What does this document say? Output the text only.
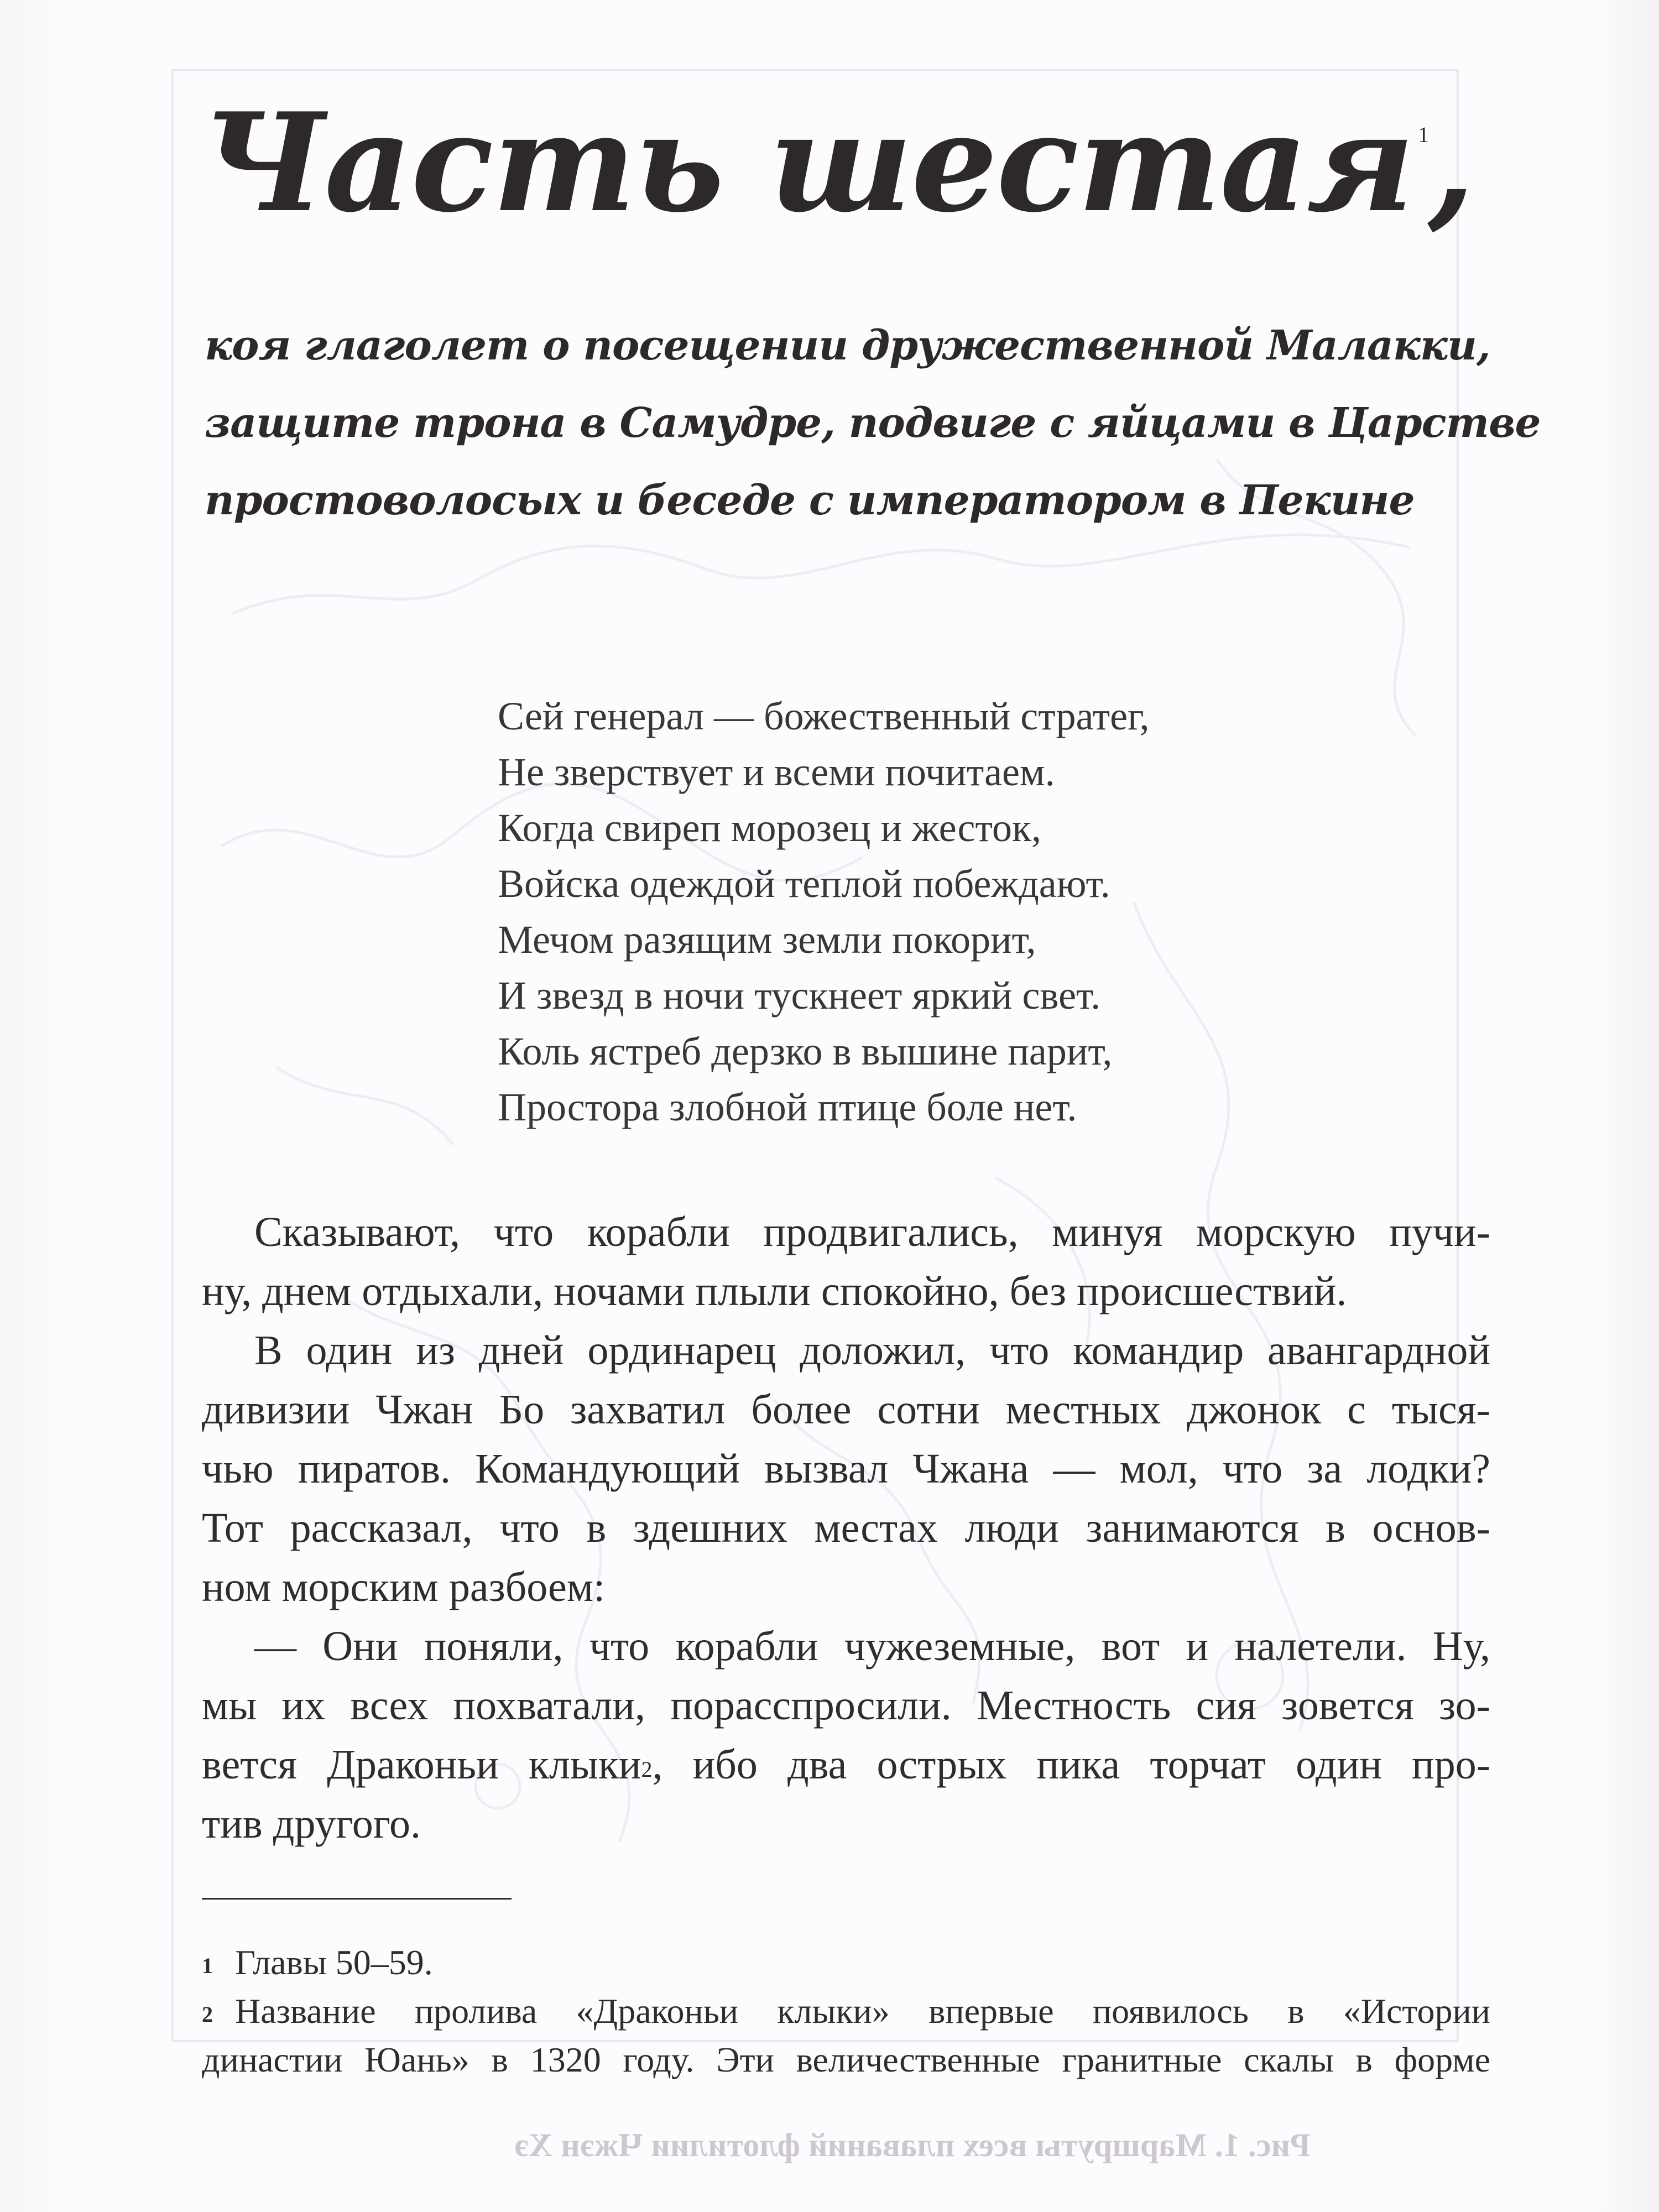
Часть шестая $^1$,
коя глаголет о посещении дружественной Малакки,
защите трона в Самудре, подвиге с яйцами в Царстве
простоволосых и беседе с императором в Пекине
Сей генерал — божественный стратег,
Не зверствует и всеми почитаем.
Когда свиреп морозец и жесток,
Войска одеждой теплой побеждают.
Мечом разящим земли покорит,
И звезд в ночи тускнеет яркий свет.
Коль ястреб дерзко в вышине парит,
Простора злобной птице боле нет.

Сказывают, что корабли продвигались, минуя морскую пучи-

ну, днем отдыхали, ночами плыли спокойно, без происшествий.

В один из дней ординарец доложил, что командир авангардной

дивизии Чжан Бо захватил более сотни местных джонок с тыся-

чью пиратов. Командующий вызвал Чжана — мол, что за лодки?

Тот рассказал, что в здешних местах люди занимаются в основ-

ном морским разбоем:

— Они поняли, что корабли чужеземные, вот и налетели. Ну,

мы их всех похватали, порасспросили. Местность сия зовется зо-

вется Драконьи клыки$^2$, ибо два острых пика торчат один про-

тив другого.

1 Главы 50–59.

2 Название пролива «Драконьи клыки» впервые появилось в «Истории

династии Юань» в 1320 году. Эти величественные гранитные скалы в форме

Рис. 1. Маршруты всех плаваний флотилии Чжэн Хэ
